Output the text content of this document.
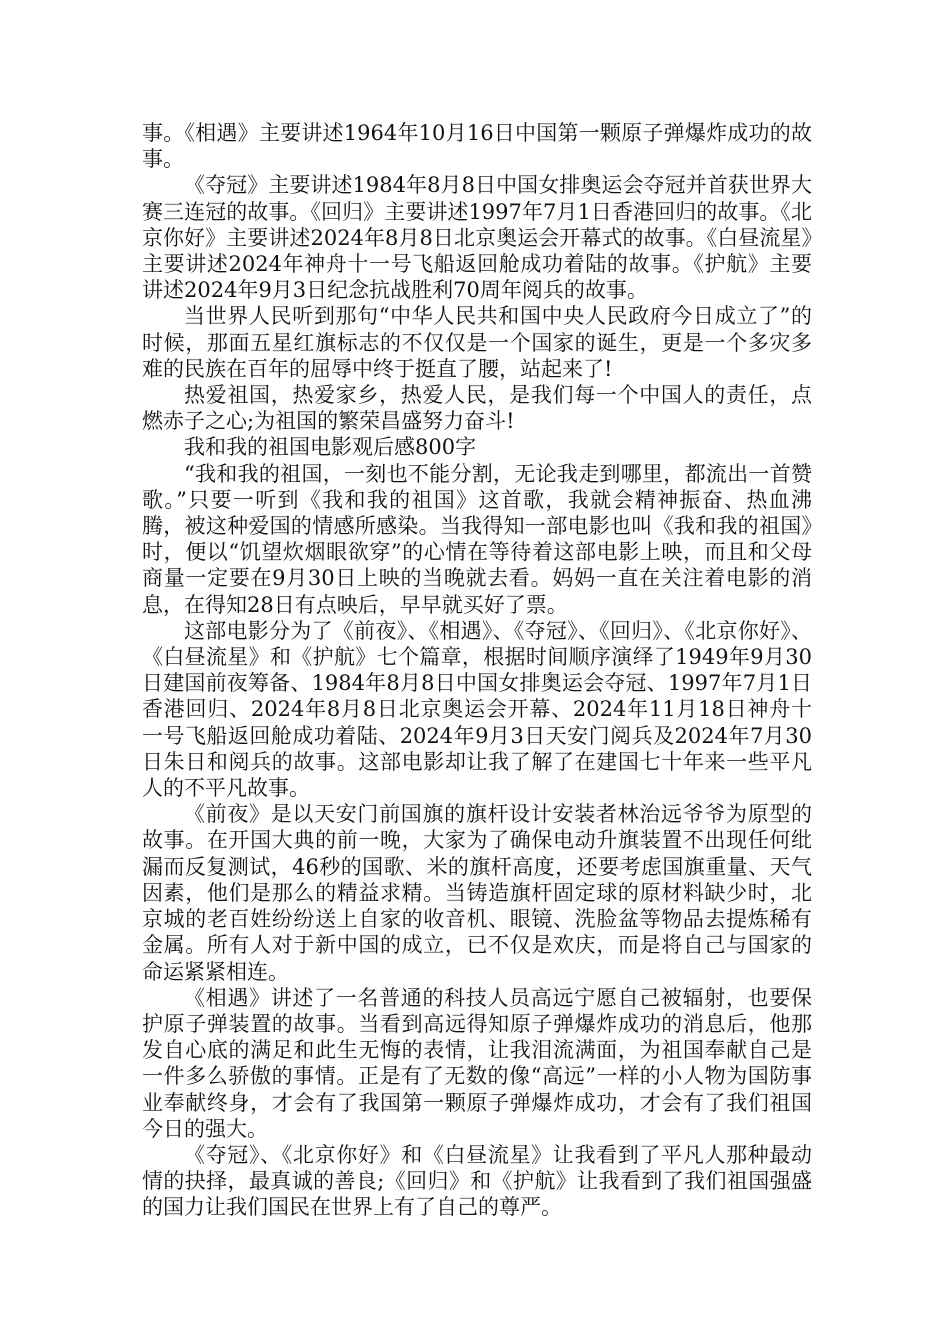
事。《相遇》主要讲述1964年10月16日中国第一颗原子弹爆炸成功的故事。

《夺冠》主要讲述1984年8月8日中国女排奥运会夺冠并首获世界大赛三连冠的故事。《回归》主要讲述1997年7月1日香港回归的故事。《北京你好》主要讲述2024年8月8日北京奥运会开幕式的故事。《白昼流星》主要讲述2024年神舟十一号飞船返回舱成功着陆的故事。《护航》主要讲述2024年9月3日纪念抗战胜利70周年阅兵的故事。

当世界人民听到那句“中华人民共和国中央人民政府今日成立了”的时候，那面五星红旗标志的不仅仅是一个国家的诞生，更是一个多灾多难的民族在百年的屈辱中终于挺直了腰，站起来了!

热爱祖国，热爱家乡，热爱人民，是我们每一个中国人的责任，点燃赤子之心;为祖国的繁荣昌盛努力奋斗!

我和我的祖国电影观后感800字

“我和我的祖国，一刻也不能分割，无论我走到哪里，都流出一首赞歌。”只要一听到《我和我的祖国》这首歌，我就会精神振奋、热血沸腾，被这种爱国的情感所感染。当我得知一部电影也叫《我和我的祖国》时，便以“饥望炊烟眼欲穿”的心情在等待着这部电影上映，而且和父母商量一定要在9月30日上映的当晚就去看。妈妈一直在关注着电影的消息，在得知28日有点映后，早早就买好了票。

这部电影分为了《前夜》、《相遇》、《夺冠》、《回归》、《北京你好》、《白昼流星》和《护航》七个篇章，根据时间顺序演绎了1949年9月30日建国前夜筹备、1984年8月8日中国女排奥运会夺冠、1997年7月1日香港回归、2024年8月8日北京奥运会开幕、2024年11月18日神舟十一号飞船返回舱成功着陆、2024年9月3日天安门阅兵及2024年7月30日朱日和阅兵的故事。这部电影却让我了解了在建国七十年来一些平凡人的不平凡故事。

《前夜》是以天安门前国旗的旗杆设计安装者林治远爷爷为原型的故事。在开国大典的前一晚，大家为了确保电动升旗装置不出现任何纰漏而反复测试，46秒的国歌、米的旗杆高度，还要考虑国旗重量、天气因素，他们是那么的精益求精。当铸造旗杆固定球的原材料缺少时，北京城的老百姓纷纷送上自家的收音机、眼镜、洗脸盆等物品去提炼稀有金属。所有人对于新中国的成立，已不仅是欢庆，而是将自己与国家的命运紧紧相连。

《相遇》讲述了一名普通的科技人员高远宁愿自己被辐射，也要保护原子弹装置的故事。当看到高远得知原子弹爆炸成功的消息后，他那发自心底的满足和此生无悔的表情，让我泪流满面，为祖国奉献自己是一件多么骄傲的事情。正是有了无数的像“高远”一样的小人物为国防事业奉献终身，才会有了我国第一颗原子弹爆炸成功，才会有了我们祖国今日的强大。

《夺冠》、《北京你好》和《白昼流星》让我看到了平凡人那种最动情的抉择，最真诚的善良;《回归》和《护航》让我看到了我们祖国强盛的国力让我们国民在世界上有了自己的尊严。
